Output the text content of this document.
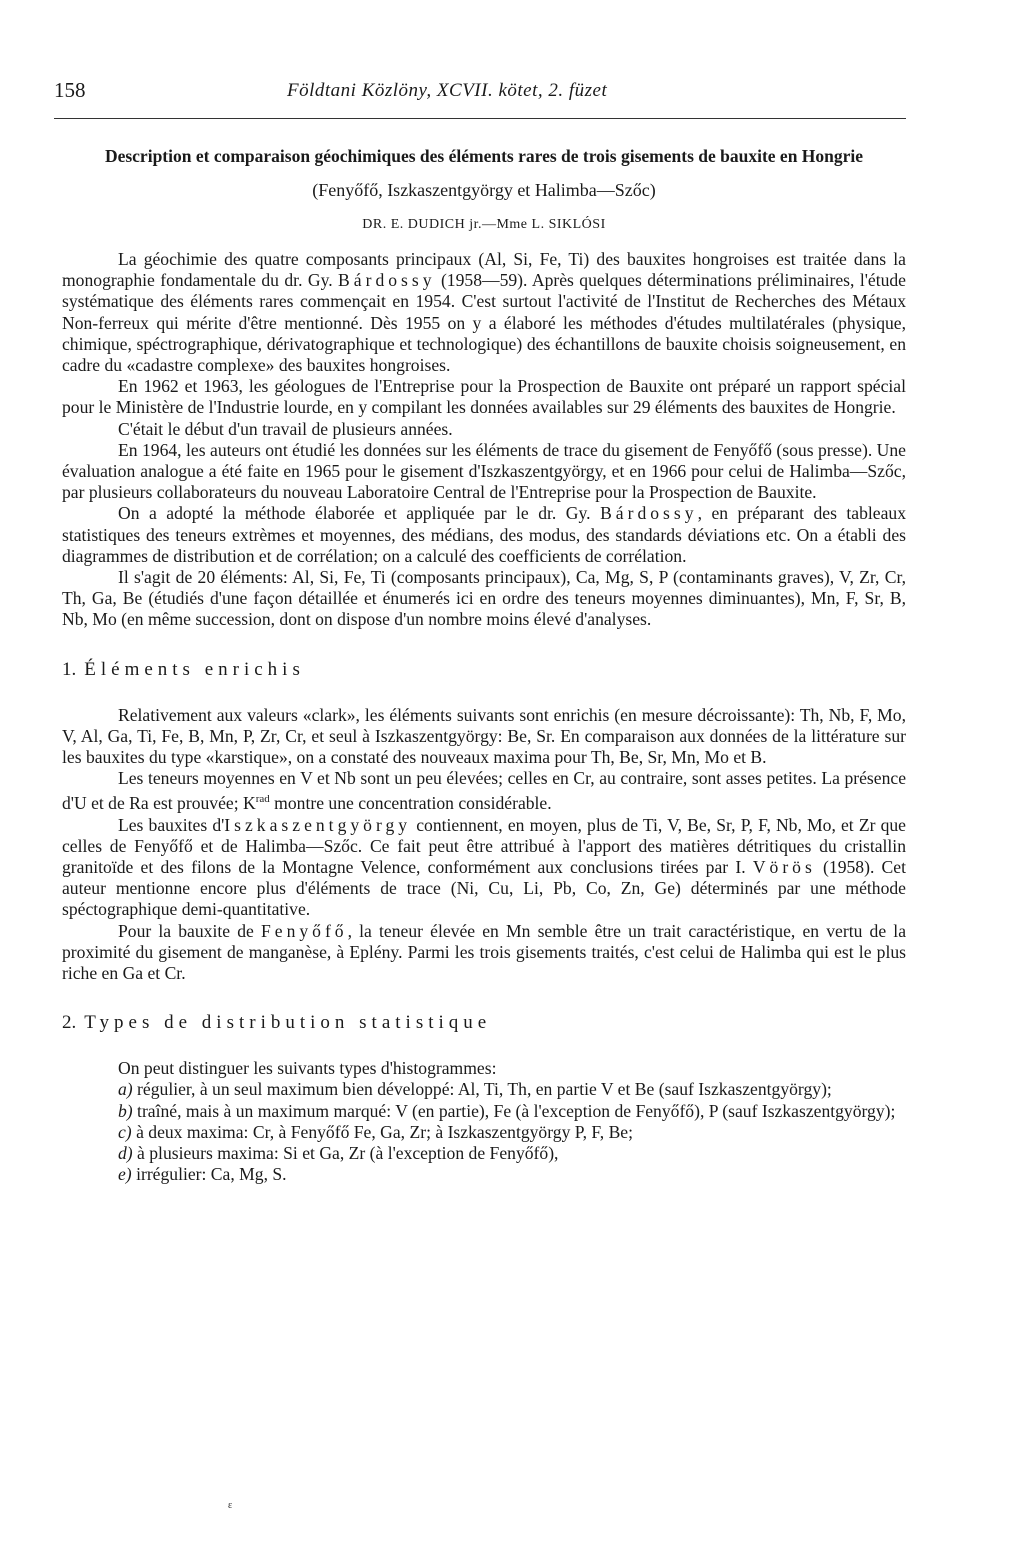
158	Földtani Közlöny, XCVII. kötet, 2. füzet
Description et comparaison géochimiques des éléments rares de trois gisements de bauxite en Hongrie
(Fenyőfő, Iszkaszentgyörgy et Halimba—Szőc)
DR. E. DUDICH jr.—Mme L. SIKLÓSI

La géochimie des quatre composants principaux (Al, Si, Fe, Ti) des bauxites hongroises est traitée dans la monographie fondamentale du dr. Gy. Bárdossy (1958—59). Après quelques déterminations préliminaires, l'étude systématique des éléments rares commençait en 1954. C'est surtout l'activité de l'Institut de Recherches des Métaux Non-ferreux qui mérite d'être mentionné. Dès 1955 on y a élaboré les méthodes d'études multilatérales (physique, chimique, spéctrographique, dérivatographique et technologique) des échantillons de bauxite choisis soigneusement, en cadre du «cadastre complexe» des bauxites hongroises.

En 1962 et 1963, les géologues de l'Entreprise pour la Prospection de Bauxite ont préparé un rapport spécial pour le Ministère de l'Industrie lourde, en y compilant les données availables sur 29 éléments des bauxites de Hongrie.

C'était le début d'un travail de plusieurs années.

En 1964, les auteurs ont étudié les données sur les éléments de trace du gisement de Fenyőfő (sous presse). Une évaluation analogue a été faite en 1965 pour le gisement d'Iszkaszentgyörgy, et en 1966 pour celui de Halimba—Szőc, par plusieurs collaborateurs du nouveau Laboratoire Central de l'Entreprise pour la Prospection de Bauxite.

On a adopté la méthode élaborée et appliquée par le dr. Gy. Bárdossy, en préparant des tableaux statistiques des teneurs extrèmes et moyennes, des médians, des modus, des standards déviations etc. On a établi des diagrammes de distribution et de corrélation; on a calculé des coefficients de corrélation.

Il s'agit de 20 éléments: Al, Si, Fe, Ti (composants principaux), Ca, Mg, S, P (contaminants graves), V, Zr, Cr, Th, Ga, Be (étudiés d'une façon détaillée et énumerés ici en ordre des teneurs moyennes diminuantes), Mn, F, Sr, B, Nb, Mo (en même succession, dont on dispose d'un nombre moins élevé d'analyses.

1. Éléments enrichis

Relativement aux valeurs «clark», les éléments suivants sont enrichis (en mesure décroissante): Th, Nb, F, Mo, V, Al, Ga, Ti, Fe, B, Mn, P, Zr, Cr, et seul à Iszkaszentgyörgy: Be, Sr. En comparaison aux données de la littérature sur les bauxites du type «karstique», on a constaté des nouveaux maxima pour Th, Be, Sr, Mn, Mo et B.

Les teneurs moyennes en V et Nb sont un peu élevées; celles en Cr, au contraire, sont asses petites. La présence d'U et de Ra est prouvée; $K^{rad}$ montre une concentration considérable.

Les bauxites d'Iszkaszentgyörgy contiennent, en moyen, plus de Ti, V, Be, Sr, P, F, Nb, Mo, et Zr que celles de Fenyőfő et de Halimba—Szőc. Ce fait peut être attribué à l'apport des matières détritiques du cristallin granitoïde et des filons de la Montagne Velence, conformément aux conclusions tirées par I. Vörös (1958). Cet auteur mentionne encore plus d'éléments de trace (Ni, Cu, Li, Pb, Co, Zn, Ge) déterminés par une méthode spéctographique demi-quantitative.

Pour la bauxite de Fenyőfő, la teneur élevée en Mn semble être un trait caractéristique, en vertu de la proximité du gisement de manganèse, à Eplény. Parmi les trois gisements traités, c'est celui de Halimba qui est le plus riche en Ga et Cr.

2. Types de distribution statistique

On peut distinguer les suivants types d'histogrammes:

a) régulier, à un seul maximum bien développé: Al, Ti, Th, en partie V et Be (sauf Iszkaszentgyörgy);

b) traîné, mais à un maximum marqué: V (en partie), Fe (à l'exception de Fenyőfő), P (sauf Iszkaszentgyörgy);

c) à deux maxima: Cr, à Fenyőfő Fe, Ga, Zr; à Iszkaszentgyörgy P, F, Be;

d) à plusieurs maxima: Si et Ga, Zr (à l'exception de Fenyőfő),

e) irrégulier: Ca, Mg, S.

ε
